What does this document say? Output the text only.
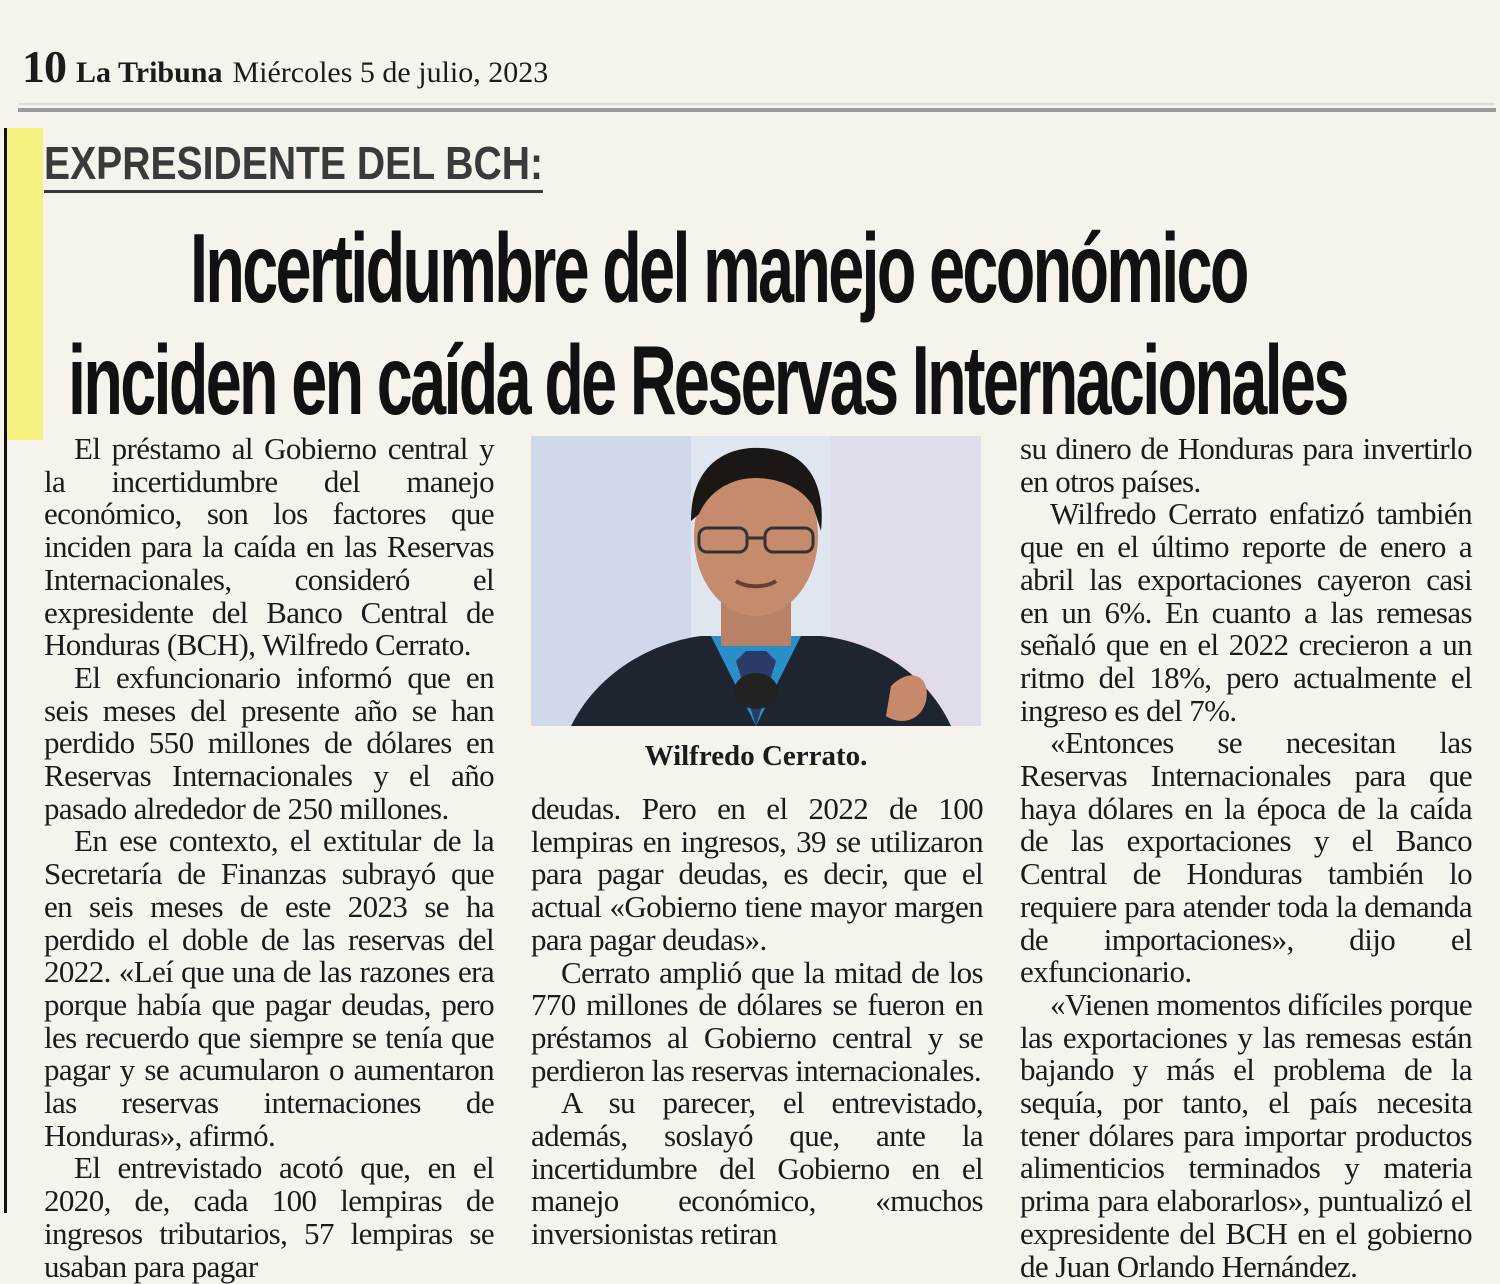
10 La Tribuna Miércoles 5 de julio, 2023
EXPRESIDENTE DEL BCH:
Incertidumbre del manejo económico
inciden en caída de Reservas Internacionales

El préstamo al Gobierno central y la incertidumbre del manejo económico, son los factores que inciden para la caída en las Reservas Internacionales, consideró el expresidente del Banco Central de Honduras (BCH), Wilfredo Cerrato.

El exfuncionario informó que en seis meses del presente año se han perdido 550 millones de dólares en Reservas Internacionales y el año pasado alrededor de 250 millones.

En ese contexto, el extitular de la Secretaría de Finanzas subrayó que en seis meses de este 2023 se ha perdido el doble de las reservas del 2022. «Leí que una de las razones era porque había que pagar deudas, pero les recuerdo que siempre se tenía que pagar y se acumularon o aumentaron las reservas internaciones de Honduras», afirmó.

El entrevistado acotó que, en el 2020, de, cada 100 lempiras de ingresos tributarios, 57 lempiras se usaban para pagar

Wilfredo Cerrato.

deudas. Pero en el 2022 de 100 lempiras en ingresos, 39 se utilizaron para pagar deudas, es decir, que el actual «Gobierno tiene mayor margen para pagar deudas».

Cerrato amplió que la mitad de los 770 millones de dólares se fueron en préstamos al Gobierno central y se perdieron las reservas internacionales.

A su parecer, el entrevistado, además, soslayó que, ante la incertidumbre del Gobierno en el manejo económico, «muchos inversionistas retiran

su dinero de Honduras para invertirlo en otros países.

Wilfredo Cerrato enfatizó también que en el último reporte de enero a abril las exportaciones cayeron casi en un 6%. En cuanto a las remesas señaló que en el 2022 crecieron a un ritmo del 18%, pero actualmente el ingreso es del 7%.

«Entonces se necesitan las Reservas Internacionales para que haya dólares en la época de la caída de las exportaciones y el Banco Central de Honduras también lo requiere para atender toda la demanda de importaciones», dijo el exfuncionario.

«Vienen momentos difíciles porque las exportaciones y las remesas están bajando y más el problema de la sequía, por tanto, el país necesita tener dólares para importar productos alimenticios terminados y materia prima para elaborarlos», puntualizó el expresidente del BCH en el gobierno de Juan Orlando Hernández.
